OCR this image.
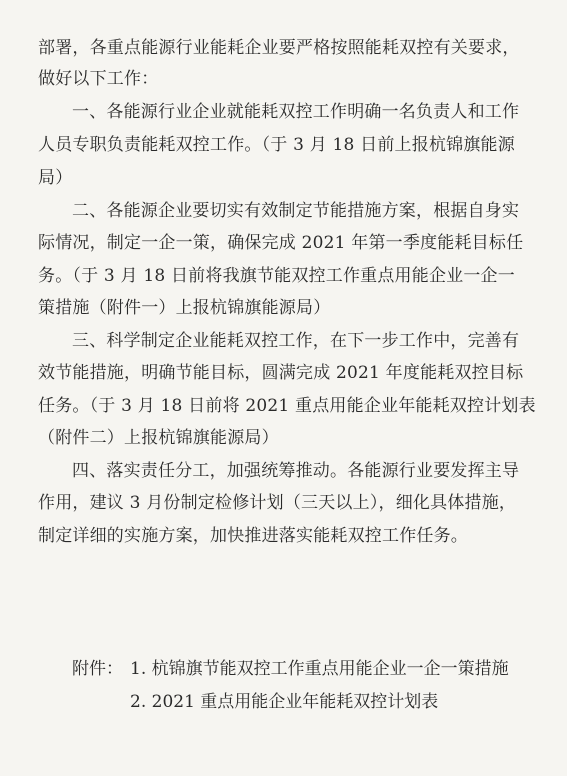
部署，各重点能源行业能耗企业要严格按照能耗双控有关要求，
做好以下工作：
一、各能源行业企业就能耗双控工作明确一名负责人和工作
人员专职负责能耗双控工作。（于 3 月 18 日前上报杭锦旗能源
局）
二、各能源企业要切实有效制定节能措施方案，根据自身实
际情况，制定一企一策，确保完成 2021 年第一季度能耗目标任
务。（于 3 月 18 日前将我旗节能双控工作重点用能企业一企一
策措施（附件一）上报杭锦旗能源局）
三、科学制定企业能耗双控工作，在下一步工作中，完善有
效节能措施，明确节能目标，圆满完成 2021 年度能耗双控目标
任务。（于 3 月 18 日前将 2021 重点用能企业年能耗双控计划表
（附件二）上报杭锦旗能源局）
四、落实责任分工，加强统筹推动。各能源行业要发挥主导
作用，建议 3 月份制定检修计划（三天以上），细化具体措施，
制定详细的实施方案，加快推进落实能耗双控工作任务。
附件： 1. 杭锦旗节能双控工作重点用能企业一企一策措施
2. 2021 重点用能企业年能耗双控计划表
